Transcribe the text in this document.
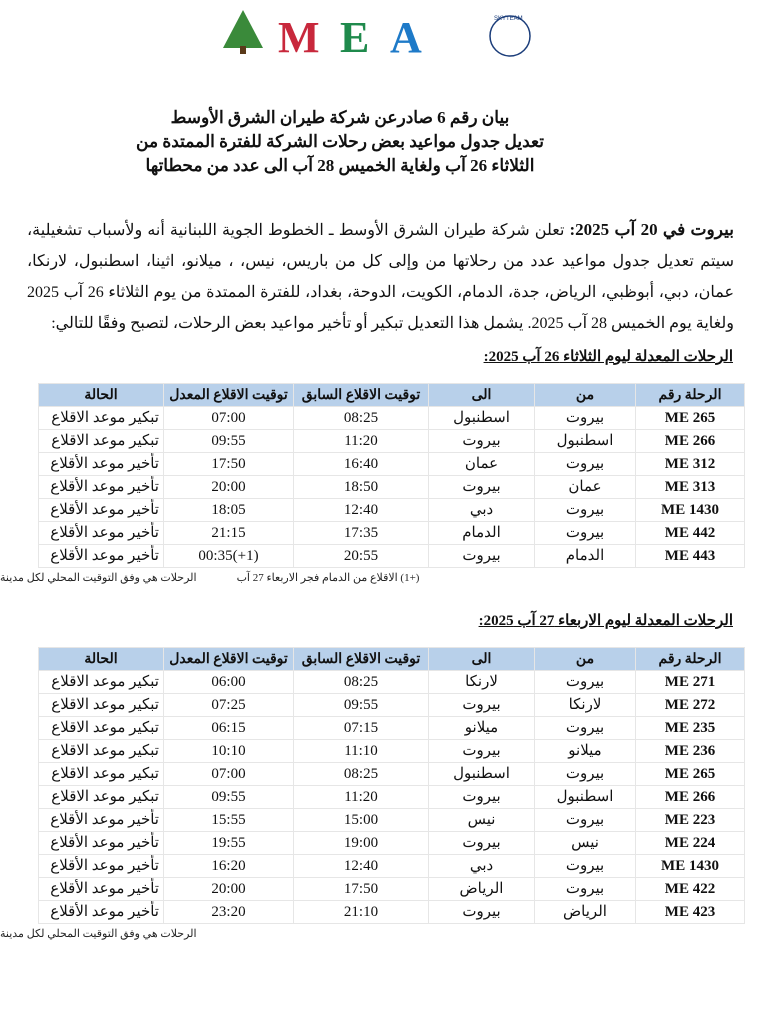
M E A	SKYTEAM
بيان رقم 6 صادرعن شركة طيران الشرق الأوسط
تعديل جدول مواعيد بعض رحلات الشركة للفترة الممتدة من
الثلاثاء 26 آب ولغاية الخميس 28 آب الى عدد من محطاتها
بيروت في 20 آب 2025: تعلن شركة طيران الشرق الأوسط ـ الخطوط الجوية اللبنانية أنه ولأسباب تشغيلية، سيتم تعديل جدول مواعيد عدد من رحلاتها من وإلى كل من باريس، نيس، ، ميلانو، اثينا، اسطنبول، لارنكا، عمان، دبي، أبوظبي، الرياض، جدة، الدمام، الكويت، الدوحة، بغداد، للفترة الممتدة من يوم الثلاثاء 26 آب 2025 ولغاية يوم الخميس 28 آب 2025. يشمل هذا التعديل تبكير أو تأخير مواعيد بعض الرحلات، لتصبح وفقًا للتالي:
الرحلات المعدلة ليوم الثلاثاء 26 آب 2025:
الرحلة رقم	من	الى	توقيت الاقلاع السابق	توقيت الاقلاع المعدل	الحالة
ME 265	بيروت	اسطنبول	08:25	07:00	تبكير موعد الاقلاع
ME 266	اسطنبول	بيروت	11:20	09:55	تبكير موعد الاقلاع
ME 312	بيروت	عمان	16:40	17:50	تأخير موعد الأقلاع
ME 313	عمان	بيروت	18:50	20:00	تأخير موعد الأقلاع
ME 1430	بيروت	دبي	12:40	18:05	تأخير موعد الأقلاع
ME 442	بيروت	الدمام	17:35	21:15	تأخير موعد الأقلاع
ME 443	الدمام	بيروت	20:55	(1+)00:35	تأخير موعد الأقلاع
الرحلات هي وفق التوقيت المحلي لكل مدينة	(+1) الاقلاع من الدمام فجر الاربعاء 27 آب
الرحلات المعدلة ليوم الاربعاء 27 آب 2025:
الرحلة رقم	من	الى	توقيت الاقلاع السابق	توقيت الاقلاع المعدل	الحالة
ME 271	بيروت	لارنكا	08:25	06:00	تبكير موعد الاقلاع
ME 272	لارنكا	بيروت	09:55	07:25	تبكير موعد الاقلاع
ME 235	بيروت	ميلانو	07:15	06:15	تبكير موعد الاقلاع
ME 236	ميلانو	بيروت	11:10	10:10	تبكير موعد الاقلاع
ME 265	بيروت	اسطنبول	08:25	07:00	تبكير موعد الاقلاع
ME 266	اسطنبول	بيروت	11:20	09:55	تبكير موعد الاقلاع
ME 223	بيروت	نيس	15:00	15:55	تأخير موعد الأقلاع
ME 224	نيس	بيروت	19:00	19:55	تأخير موعد الأقلاع
ME 1430	بيروت	دبي	12:40	16:20	تأخير موعد الأقلاع
ME 422	بيروت	الرياض	17:50	20:00	تأخير موعد الأقلاع
ME 423	الرياض	بيروت	21:10	23:20	تأخير موعد الأقلاع
الرحلات هي وفق التوقيت المحلي لكل مدينة
